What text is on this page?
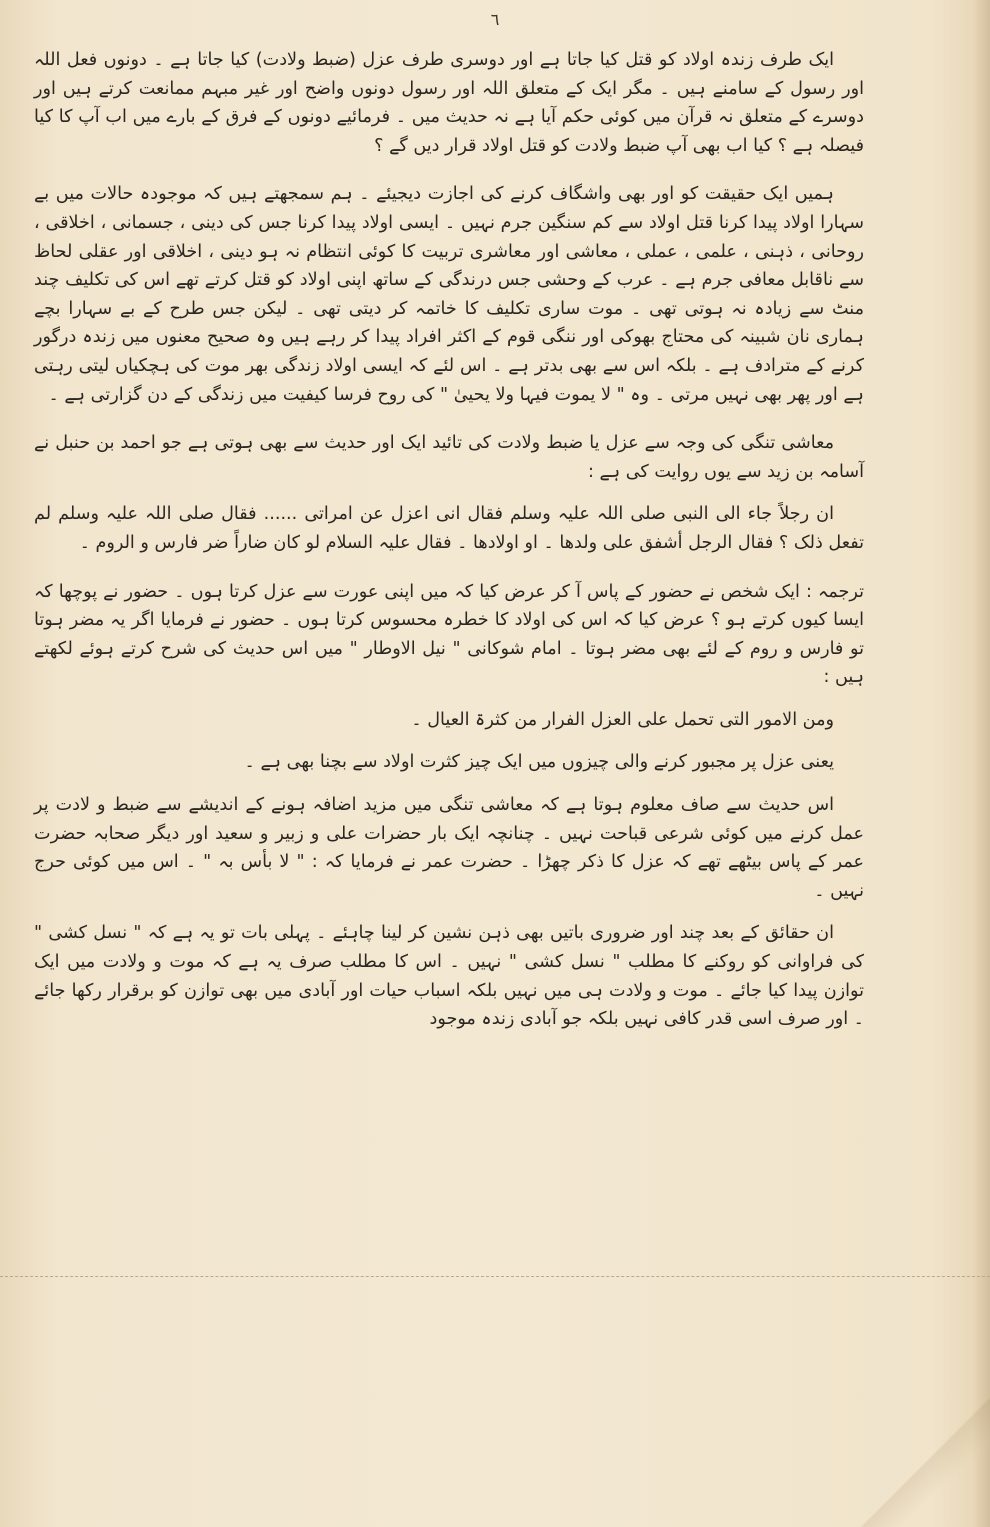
٦

ایک طرف زندہ اولاد کو قتل کیا جاتا ہے اور دوسری طرف عزل (ضبط ولادت) کیا جاتا ہے ۔ دونوں فعل اللہ اور رسول کے سامنے ہیں ۔ مگر ایک کے متعلق اللہ اور رسول دونوں واضح اور غیر مبہم ممانعت کرتے ہیں اور دوسرے کے متعلق نہ قرآن میں کوئی حکم آیا ہے نہ حدیث میں ۔ فرمائیے دونوں کے فرق کے بارے میں اب آپ کا کیا فیصلہ ہے ؟ کیا اب بھی آپ ضبط ولادت کو قتل اولاد قرار دیں گے ؟

ہمیں ایک حقیقت کو اور بھی واشگاف کرنے کی اجازت دیجیئے ۔ ہم سمجھتے ہیں کہ موجودہ حالات میں بے سہارا اولاد پیدا کرنا قتل اولاد سے کم سنگین جرم نہیں ۔ ایسی اولاد پیدا کرنا جس کی دینی ، جسمانی ، اخلاقی ، روحانی ، ذہنی ، علمی ، عملی ، معاشی اور معاشری تربیت کا کوئی انتظام نہ ہو دینی ، اخلاقی اور عقلی لحاظ سے ناقابل معافی جرم ہے ۔ عرب کے وحشی جس درندگی کے ساتھ اپنی اولاد کو قتل کرتے تھے اس کی تکلیف چند منٹ سے زیادہ نہ ہوتی تھی ۔ موت ساری تکلیف کا خاتمہ کر دیتی تھی ۔ لیکن جس طرح کے بے سہارا بچے ہماری نان شبینہ کی محتاج بھوکی اور ننگی قوم کے اکثر افراد پیدا کر رہے ہیں وہ صحیح معنوں میں زندہ درگور کرنے کے مترادف ہے ۔ بلکہ اس سے بھی بدتر ہے ۔ اس لئے کہ ایسی اولاد زندگی بھر موت کی ہچکیاں لیتی رہتی ہے اور پھر بھی نہیں مرتی ۔ وہ " لا یموت فیہا ولا یحییٰ " کی روح فرسا کیفیت میں زندگی کے دن گزارتی ہے ۔

معاشی تنگی کی وجہ سے عزل یا ضبط ولادت کی تائید ایک اور حدیث سے بھی ہوتی ہے جو احمد بن حنبل نے آسامہ بن زید سے یوں روایت کی ہے :

ان رجلاً جاء الی النبی صلی اللہ علیہ وسلم فقال انی اعزل عن امراتی ...... فقال صلی اللہ علیہ وسلم لم تفعل ذلک ؟ فقال الرجل أشفق علی ولدھا ۔ او اولادھا ۔ فقال علیہ السلام لو کان ضاراً ضر فارس و الروم ۔

ترجمہ : ایک شخص نے حضور کے پاس آ کر عرض کیا کہ میں اپنی عورت سے عزل کرتا ہوں ۔ حضور نے پوچھا کہ ایسا کیوں کرتے ہو ؟ عرض کیا کہ اس کی اولاد کا خطرہ محسوس کرتا ہوں ۔ حضور نے فرمایا اگر یہ مضر ہوتا تو فارس و روم کے لئے بھی مضر ہوتا ۔ امام شوکانی " نیل الاوطار " میں اس حدیث کی شرح کرتے ہوئے لکھتے ہیں :

ومن الامور التی تحمل علی العزل الفرار من کثرۃ العیال ۔

یعنی عزل پر مجبور کرنے والی چیزوں میں ایک چیز کثرت اولاد سے بچنا بھی ہے ۔

اس حدیث سے صاف معلوم ہوتا ہے کہ معاشی تنگی میں مزید اضافہ ہونے کے اندیشے سے ضبط و لادت پر عمل کرنے میں کوئی شرعی قباحت نہیں ۔ چنانچہ ایک بار حضرات علی و زبیر و سعید اور دیگر صحابہ حضرت عمر کے پاس بیٹھے تھے کہ عزل کا ذکر چھڑا ۔ حضرت عمر نے فرمایا کہ : " لا بأس بہ " ۔ اس میں کوئی حرج نہیں ۔

ان حقائق کے بعد چند اور ضروری باتیں بھی ذہن نشین کر لینا چاہئے ۔ پہلی بات تو یہ ہے کہ " نسل کشی " کی فراوانی کو روکنے کا مطلب " نسل کشی " نہیں ۔ اس کا مطلب صرف یہ ہے کہ موت و ولادت میں ایک توازن پیدا کیا جائے ۔ موت و ولادت ہی میں نہیں بلکہ اسباب حیات اور آبادی میں بھی توازن کو برقرار رکھا جائے ۔ اور صرف اسی قدر کافی نہیں بلکہ جو آبادی زندہ موجود
